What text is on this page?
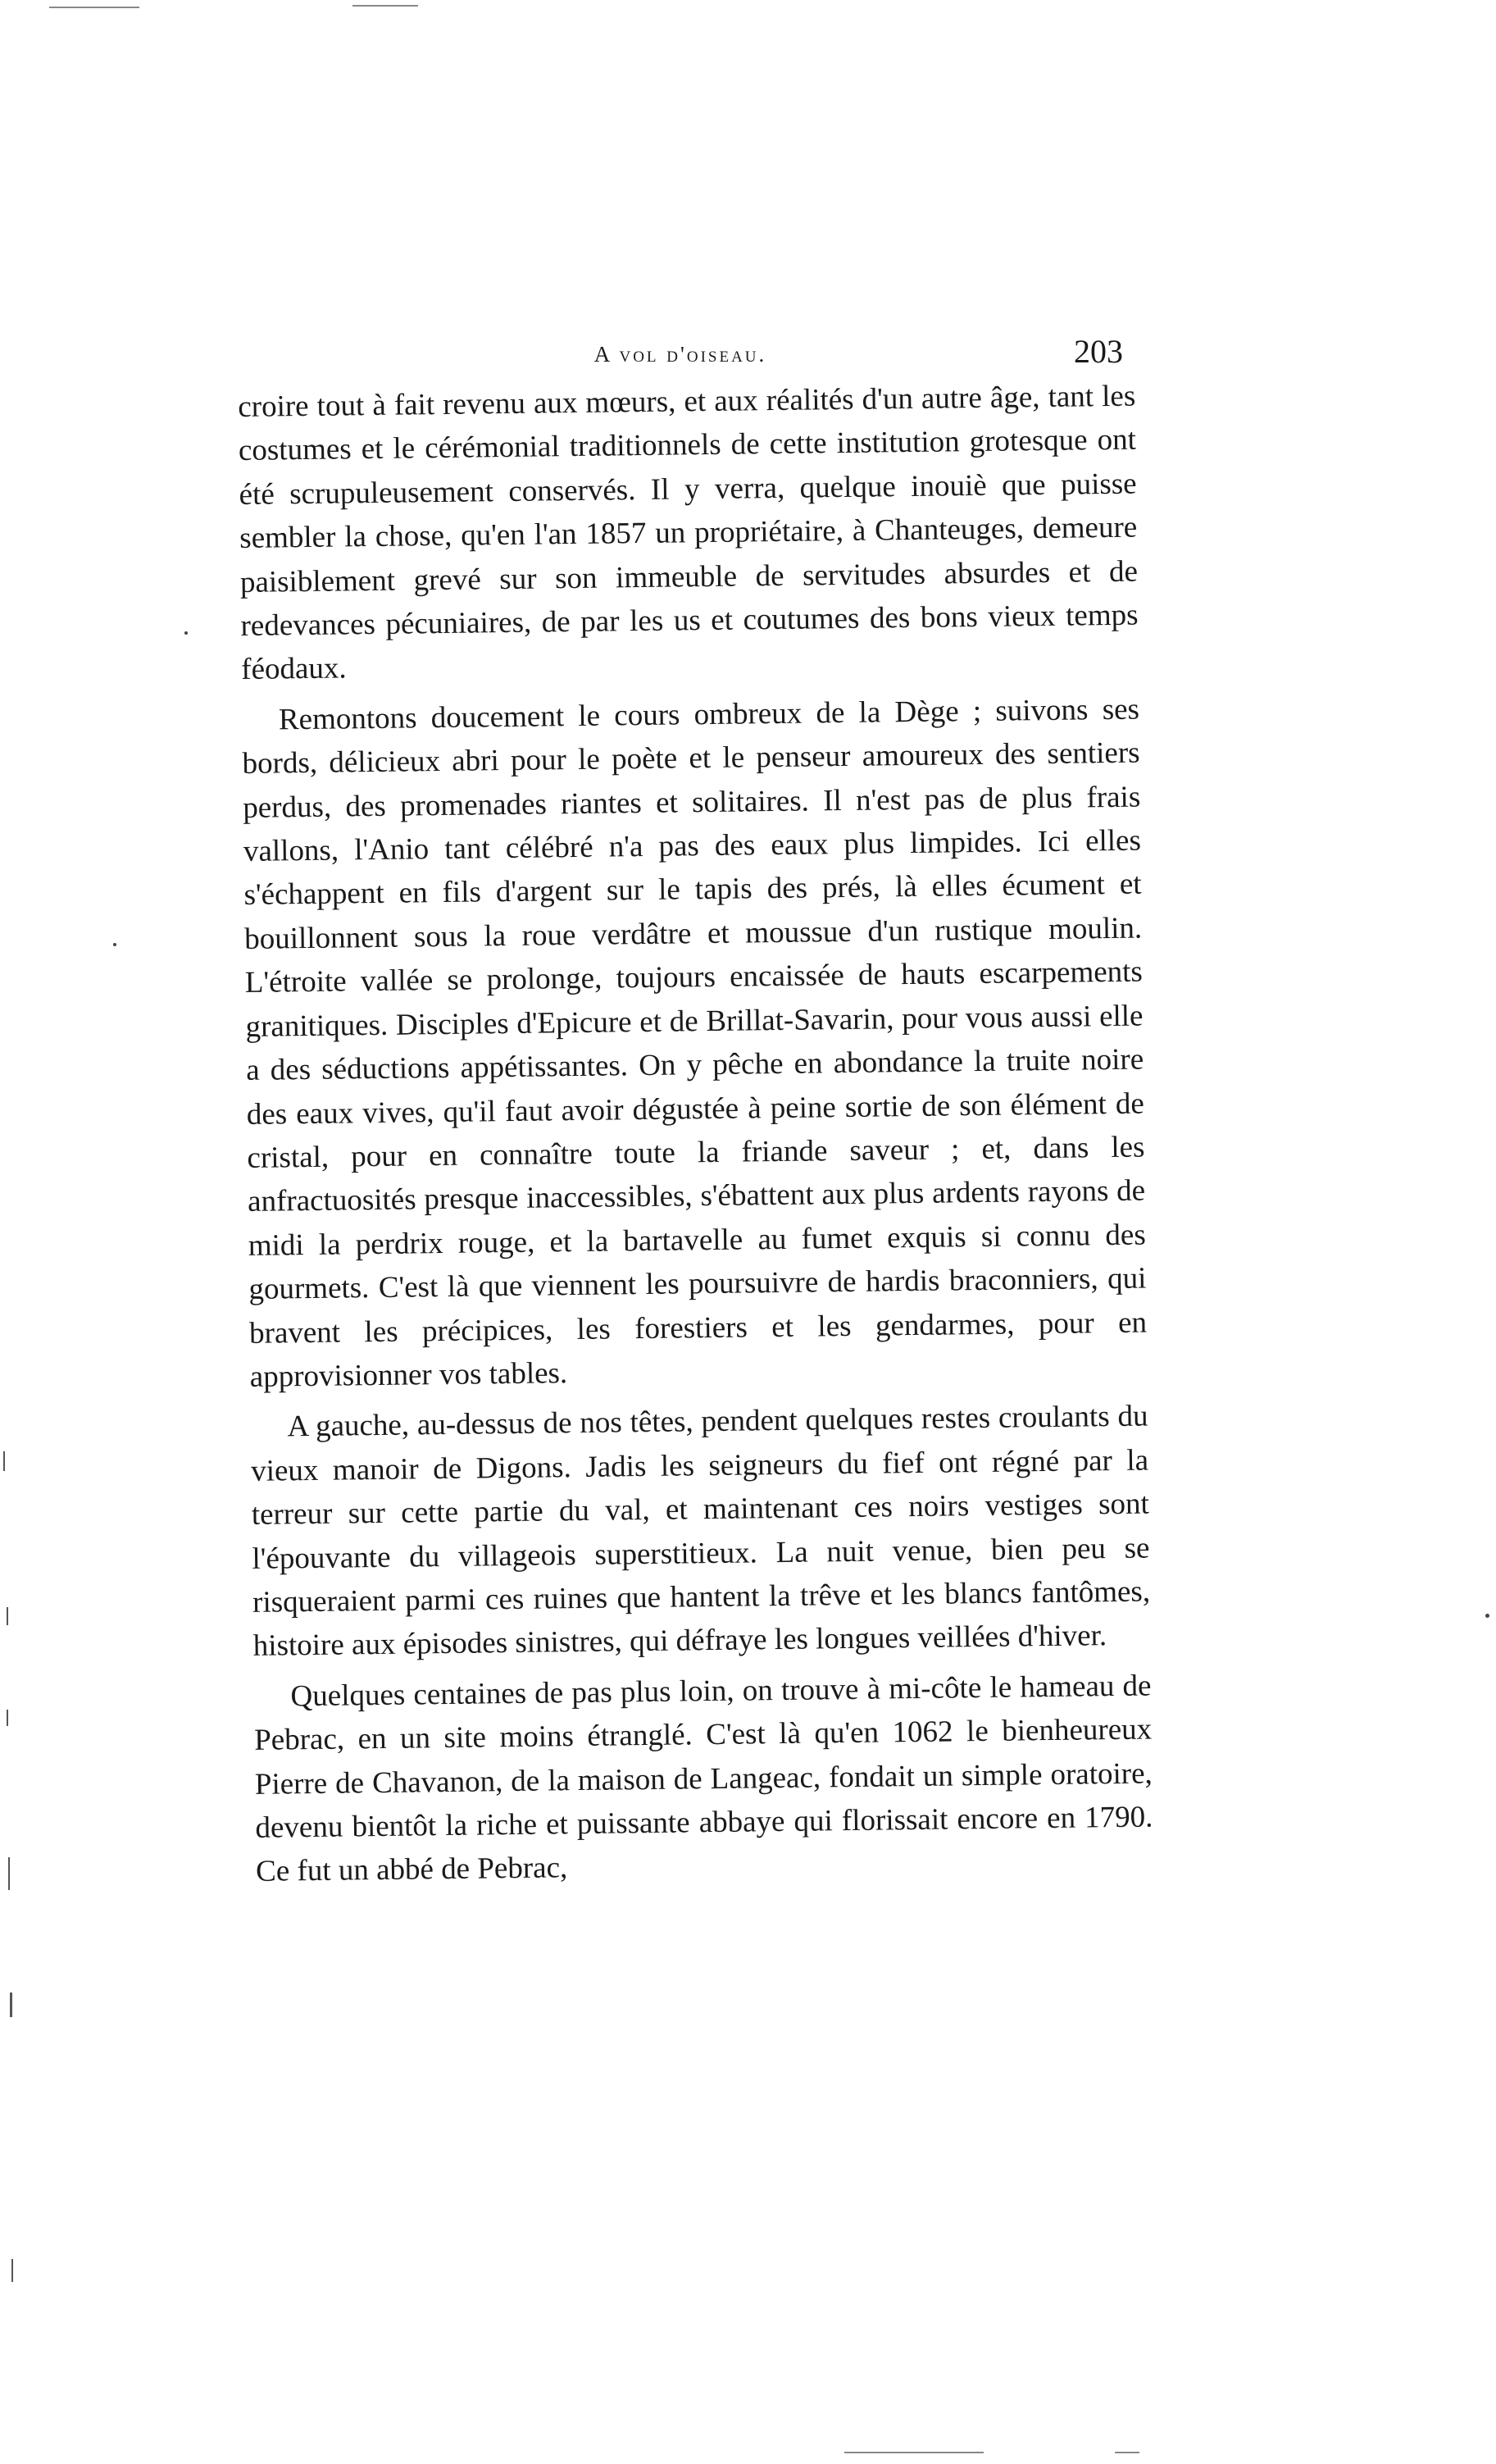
A vol d'oiseau.	203

croire tout à fait revenu aux mœurs, et aux réalités d'un autre âge, tant les costumes et le cérémonial traditionnels de cette institution grotesque ont été scrupuleusement conservés. Il y verra, quelque inouiè que puisse sembler la chose, qu'en l'an 1857 un propriétaire, à Chanteuges, demeure paisiblement grevé sur son immeuble de servitudes absurdes et de redevances pécuniaires, de par les us et coutumes des bons vieux temps féodaux.

Remontons doucement le cours ombreux de la Dège ; suivons ses bords, délicieux abri pour le poète et le penseur amoureux des sentiers perdus, des promenades riantes et solitaires. Il n'est pas de plus frais vallons, l'Anio tant célébré n'a pas des eaux plus limpides. Ici elles s'échappent en fils d'argent sur le tapis des prés, là elles écument et bouillonnent sous la roue verdâtre et moussue d'un rustique moulin. L'étroite vallée se prolonge, toujours encaissée de hauts escarpements granitiques. Disciples d'Epicure et de Brillat-Savarin, pour vous aussi elle a des séductions appétissantes. On y pêche en abondance la truite noire des eaux vives, qu'il faut avoir dégustée à peine sortie de son élément de cristal, pour en connaître toute la friande saveur ; et, dans les anfractuosités presque inaccessibles, s'ébattent aux plus ardents rayons de midi la perdrix rouge, et la bartavelle au fumet exquis si connu des gourmets. C'est là que viennent les poursuivre de hardis braconniers, qui bravent les précipices, les forestiers et les gendarmes, pour en approvisionner vos tables.

A gauche, au-dessus de nos têtes, pendent quelques restes croulants du vieux manoir de Digons. Jadis les seigneurs du fief ont régné par la terreur sur cette partie du val, et maintenant ces noirs vestiges sont l'épouvante du villageois superstitieux. La nuit venue, bien peu se risqueraient parmi ces ruines que hantent la trêve et les blancs fantômes, histoire aux épisodes sinistres, qui défraye les longues veillées d'hiver.

Quelques centaines de pas plus loin, on trouve à mi-côte le hameau de Pebrac, en un site moins étranglé. C'est là qu'en 1062 le bienheureux Pierre de Chavanon, de la maison de Langeac, fondait un simple oratoire, devenu bientôt la riche et puissante abbaye qui florissait encore en 1790. Ce fut un abbé de Pebrac,
